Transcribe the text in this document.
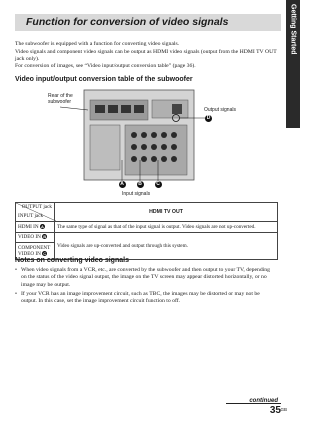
Getting Started
Function for conversion of video signals
The subwoofer is equipped with a function for converting video signals.
Video signals and component video signals can be output as HDMI video signals (output from the HDMI TV OUT jack only).
For conversion of images, see “Video input/output conversion table” (page 36).
Video input/output conversion table of the subwoofer
Rear of the subwoofer
Output signals
Input signals
D
A	B	C
OUTPUT jack
INPUT jack	HDMI TV OUT
HDMI IN A	The same type of signal as that of the input signal is output. Video signals are not up-converted.
VIDEO IN B	Video signals are up-converted and output through this system.
COMPONENT VIDEO IN C	
Notes on converting video signals
• When video signals from a VCR, etc., are converted by the subwoofer and then output to your TV, depending on the status of the video signal output, the image on the TV screen may appear distorted horizontally, or no image may be output.
• If your VCR has an image improvement circuit, such as TBC, the images may be distorted or may not be output. In this case, set the image improvement circuit function to off.
continued
35 GB
